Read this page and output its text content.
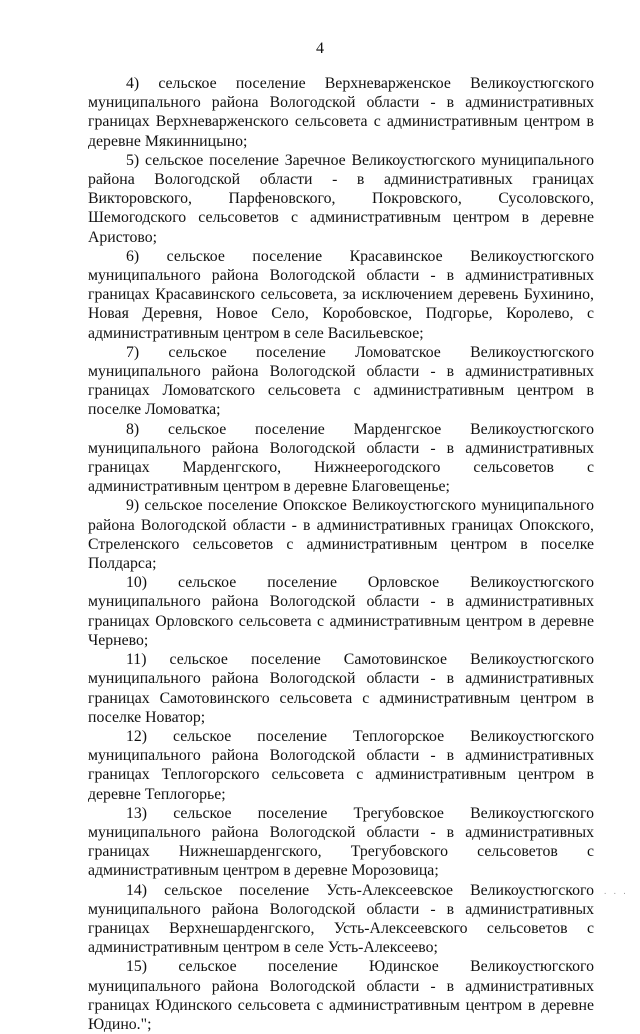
4

4) сельское поселение Верхневарженское Великоустюгского муниципального района Вологодской области - в административных границах Верхневарженского сельсовета с административным центром в деревне Мякинницыно;

5) сельское поселение Заречное Великоустюгского муниципального района Вологодской области - в административных границах Викторовского, Парфеновского, Покровского, Сусоловского, Шемогодского сельсоветов с административным центром в деревне Аристово;

6) сельское поселение Красавинское Великоустюгского муниципального района Вологодской области - в административных границах Красавинского сельсовета, за исключением деревень Бухинино, Новая Деревня, Новое Село, Коробовское, Подгорье, Королево, с административным центром в селе Васильевское;

7) сельское поселение Ломоватское Великоустюгского муниципального района Вологодской области - в административных границах Ломоватского сельсовета с административным центром в поселке Ломоватка;

8) сельское поселение Марденгское Великоустюгского муниципального района Вологодской области - в административных границах Марденгского, Нижнеерогодского сельсоветов с административным центром в деревне Благовещенье;

9) сельское поселение Опокское Великоустюгского муниципального района Вологодской области - в административных границах Опокского, Стреленского сельсоветов с административным центром в поселке Полдарса;

10) сельское поселение Орловское Великоустюгского муниципального района Вологодской области - в административных границах Орловского сельсовета с административным центром в деревне Чернево;

11) сельское поселение Самотовинское Великоустюгского муниципального района Вологодской области - в административных границах Самотовинского сельсовета с административным центром в поселке Новатор;

12) сельское поселение Теплогорское Великоустюгского муниципального района Вологодской области - в административных границах Теплогорского сельсовета с административным центром в деревне Теплогорье;

13) сельское поселение Трегубовское Великоустюгского муниципального района Вологодской области - в административных границах Нижнешарденгского, Трегубовского сельсоветов с административным центром в деревне Морозовица;

14) сельское поселение Усть-Алексеевское Великоустюгского муниципального района Вологодской области - в административных границах Верхнешарденгского, Усть-Алексеевского сельсоветов с административным центром в селе Усть-Алексеево;

15) сельское поселение Юдинское Великоустюгского муниципального района Вологодской области - в административных границах Юдинского сельсовета с административным центром в деревне Юдино.";

. . .
